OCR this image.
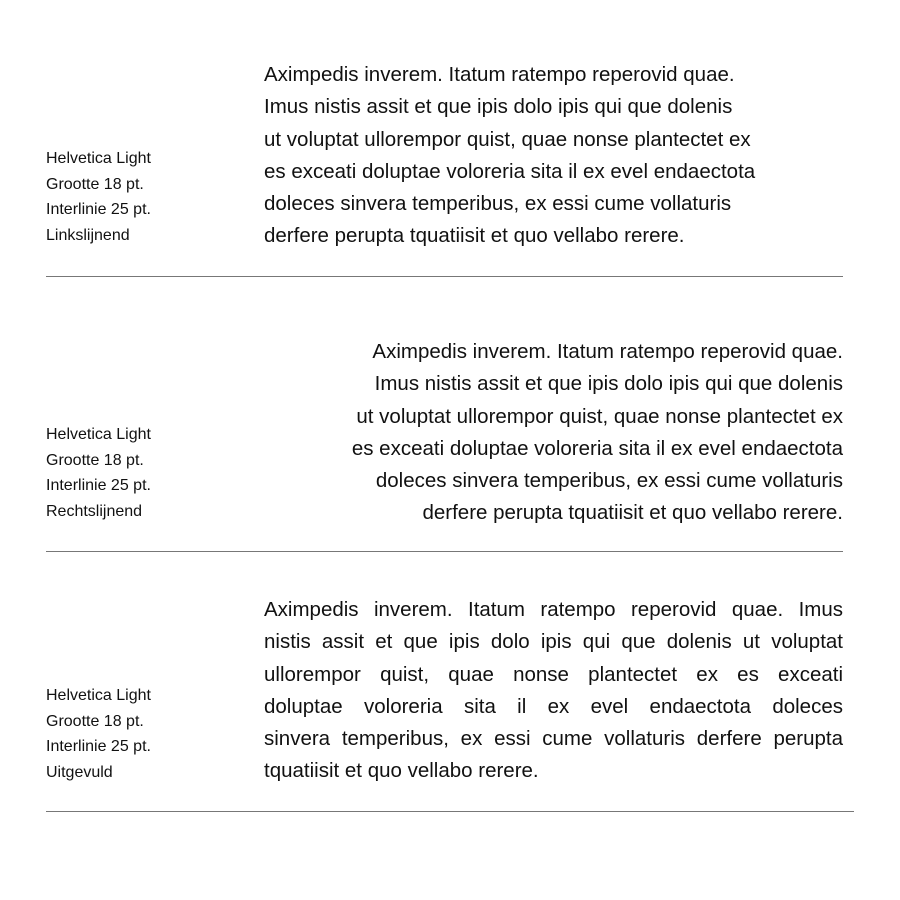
Helvetica Light
Grootte 18 pt.
Interlinie 25 pt.
Linkslijnend
Aximpedis inverem. Itatum ratempo reperovid quae.
Imus nistis assit et que ipis dolo ipis qui que dolenis
ut voluptat ullorempor quist, quae nonse plantectet ex
es exceati doluptae voloreria sita il ex evel endaectota
doleces sinvera temperibus, ex essi cume vollaturis
derfere perupta tquatiisit et quo vellabo rerere.
Helvetica Light
Grootte 18 pt.
Interlinie 25 pt.
Rechtslijnend
Aximpedis inverem. Itatum ratempo reperovid quae.
Imus nistis assit et que ipis dolo ipis qui que dolenis
ut voluptat ullorempor quist, quae nonse plantectet ex
es exceati doluptae voloreria sita il ex evel endaectota
doleces sinvera temperibus, ex essi cume vollaturis
derfere perupta tquatiisit et quo vellabo rerere.
Helvetica Light
Grootte 18 pt.
Interlinie 25 pt.
Uitgevuld
Aximpedis inverem. Itatum ratempo reperovid quae. Imus
nistis assit et que ipis dolo ipis qui que dolenis ut voluptat
ullorempor quist, quae nonse plantectet ex es exceati
doluptae voloreria sita il ex evel endaectota doleces
sinvera temperibus, ex essi cume vollaturis derfere perupta
tquatiisit et quo vellabo rerere.
